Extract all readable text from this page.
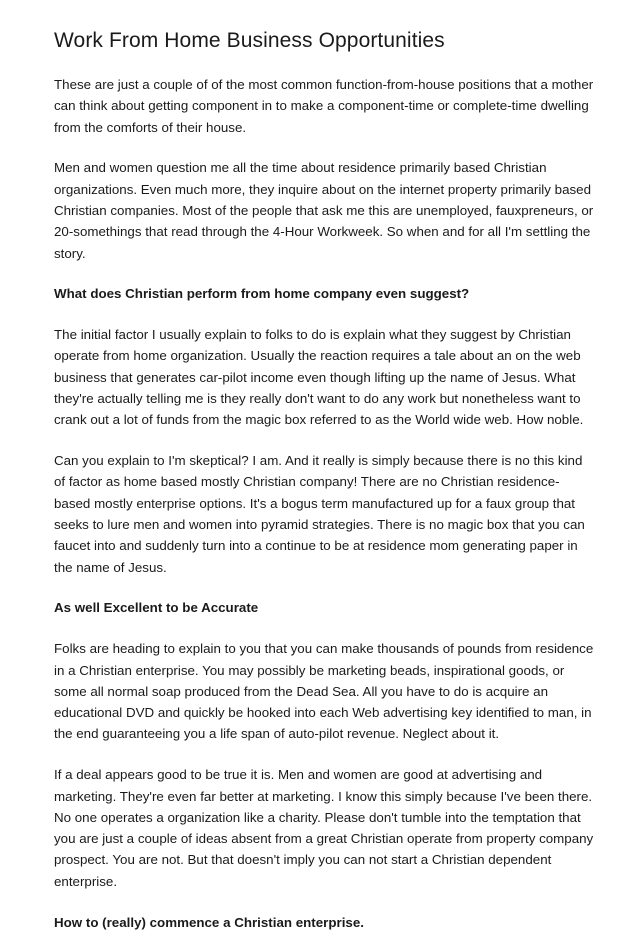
Work From Home Business Opportunities

These are just a couple of of the most common function-from-house positions that a mother can think about getting component in to make a component-time or complete-time dwelling from the comforts of their house.

Men and women question me all the time about residence primarily based Christian organizations. Even much more, they inquire about on the internet property primarily based Christian companies. Most of the people that ask me this are unemployed, fauxpreneurs, or 20-somethings that read through the 4-Hour Workweek. So when and for all I'm settling the story.

What does Christian perform from home company even suggest?

The initial factor I usually explain to folks to do is explain what they suggest by Christian operate from home organization. Usually the reaction requires a tale about an on the web business that generates car-pilot income even though lifting up the name of Jesus. What they're actually telling me is they really don't want to do any work but nonetheless want to crank out a lot of funds from the magic box referred to as the World wide web. How noble.

Can you explain to I'm skeptical? I am. And it really is simply because there is no this kind of factor as home based mostly Christian company! There are no Christian residence-based mostly enterprise options. It's a bogus term manufactured up for a faux group that seeks to lure men and women into pyramid strategies. There is no magic box that you can faucet into and suddenly turn into a continue to be at residence mom generating paper in the name of Jesus.

As well Excellent to be Accurate

Folks are heading to explain to you that you can make thousands of pounds from residence in a Christian enterprise. You may possibly be marketing beads, inspirational goods, or some all normal soap produced from the Dead Sea. All you have to do is acquire an educational DVD and quickly be hooked into each Web advertising key identified to man, in the end guaranteeing you a life span of auto-pilot revenue. Neglect about it.

If a deal appears good to be true it is. Men and women are good at advertising and marketing. They're even far better at marketing. I know this simply because I've been there. No one operates a organization like a charity. Please don't tumble into the temptation that you are just a couple of ideas absent from a great Christian operate from property company prospect. You are not. But that doesn't imply you can not start a Christian dependent enterprise.

How to (really) commence a Christian enterprise.
